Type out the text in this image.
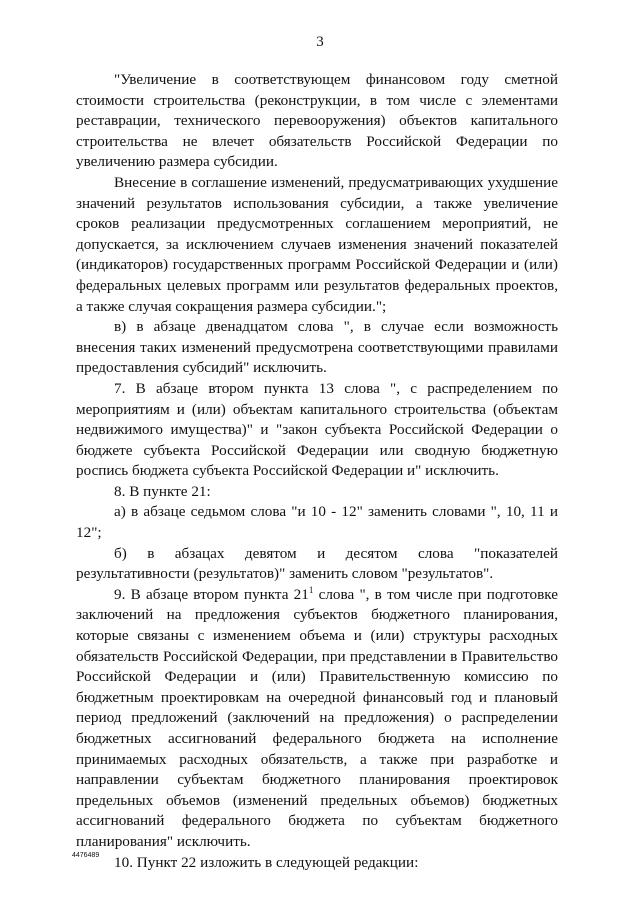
3

"Увеличение в соответствующем финансовом году сметной стоимости строительства (реконструкции, в том числе с элементами реставрации, технического перевооружения) объектов капитального строительства не влечет обязательств Российской Федерации по увеличению размера субсидии.

Внесение в соглашение изменений, предусматривающих ухудшение значений результатов использования субсидии, а также увеличение сроков реализации предусмотренных соглашением мероприятий, не допускается, за исключением случаев изменения значений показателей (индикаторов) государственных программ Российской Федерации и (или) федеральных целевых программ или результатов федеральных проектов, а также случая сокращения размера субсидии.";

в) в абзаце двенадцатом слова ", в случае если возможность внесения таких изменений предусмотрена соответствующими правилами предоставления субсидий" исключить.

7. В абзаце втором пункта 13 слова ", с распределением по мероприятиям и (или) объектам капитального строительства (объектам недвижимого имущества)" и "закон субъекта Российской Федерации о бюджете субъекта Российской Федерации или сводную бюджетную роспись бюджета субъекта Российской Федерации и" исключить.

8. В пункте 21:

а) в абзаце седьмом слова "и 10 - 12" заменить словами ", 10, 11 и 12";

б) в абзацах девятом и десятом слова "показателей результативности (результатов)" заменить словом "результатов".

9. В абзаце втором пункта $21^1$ слова ", в том числе при подготовке заключений на предложения субъектов бюджетного планирования, которые связаны с изменением объема и (или) структуры расходных обязательств Российской Федерации, при представлении в Правительство Российской Федерации и (или) Правительственную комиссию по бюджетным проектировкам на очередной финансовый год и плановый период предложений (заключений на предложения) о распределении бюджетных ассигнований федерального бюджета на исполнение принимаемых расходных обязательств, а также при разработке и направлении субъектам бюджетного планирования проектировок предельных объемов (изменений предельных объемов) бюджетных ассигнований федерального бюджета по субъектам бюджетного планирования" исключить.

10. Пункт 22 изложить в следующей редакции:

4476489
